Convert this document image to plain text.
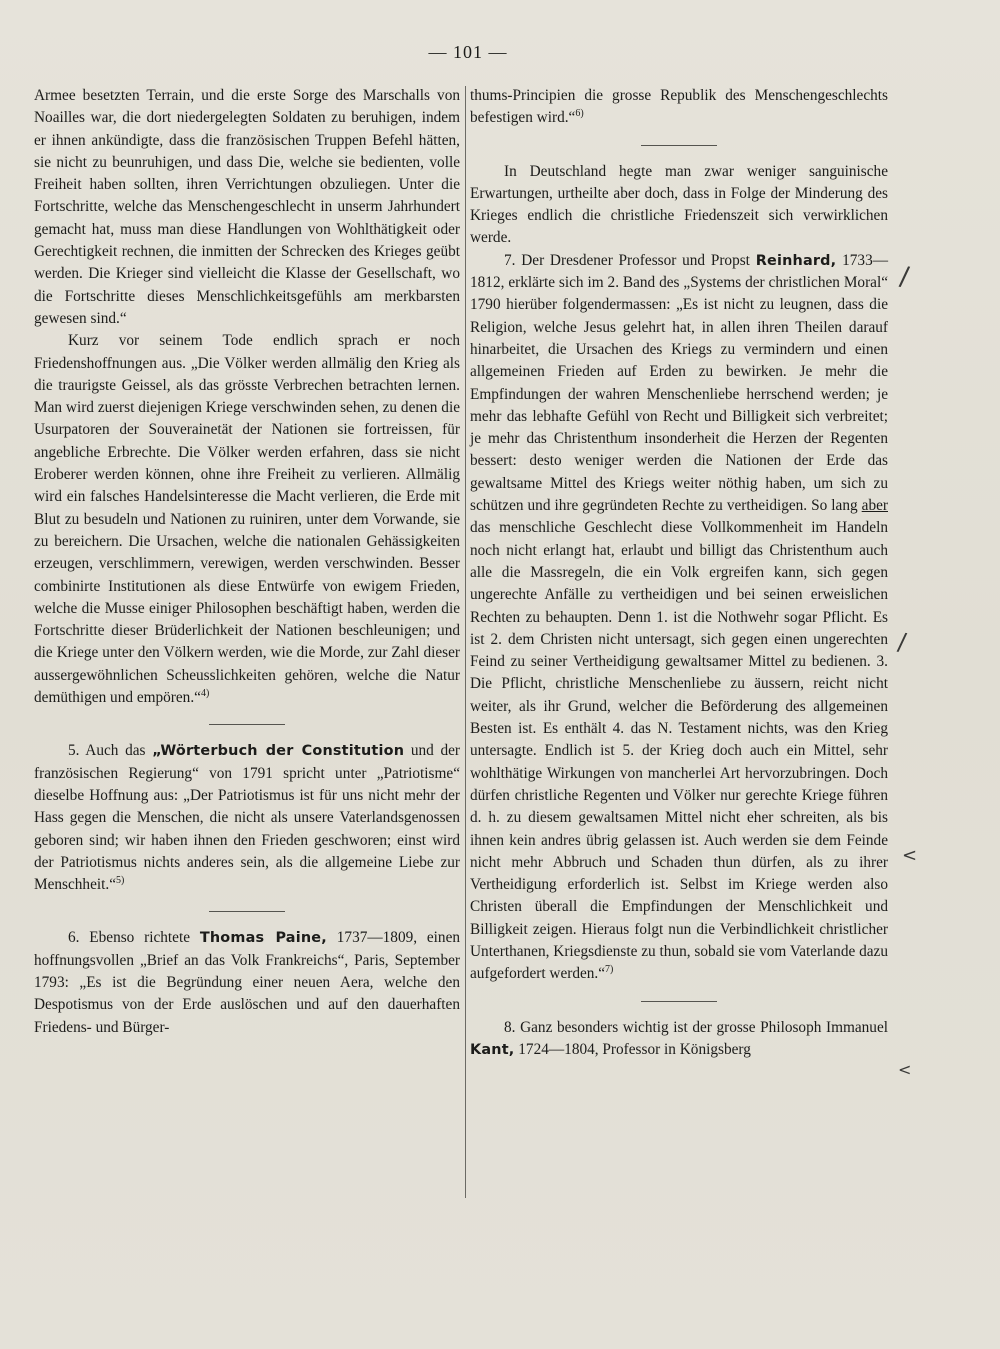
— 101 —

Armee besetzten Terrain, und die erste Sorge des Marschalls von Noailles war, die dort niedergelegten Soldaten zu beruhigen, indem er ihnen ankündigte, dass die französischen Truppen Befehl hätten, sie nicht zu beunruhigen, und dass Die, welche sie bedienten, volle Freiheit haben sollten, ihren Verrichtungen obzuliegen. Unter die Fortschritte, welche das Menschengeschlecht in unserm Jahrhundert gemacht hat, muss man diese Handlungen von Wohlthätigkeit oder Gerechtigkeit rechnen, die inmitten der Schrecken des Krieges geübt werden. Die Krieger sind vielleicht die Klasse der Gesellschaft, wo die Fortschritte dieses Menschlichkeitsgefühls am merkbarsten gewesen sind.“

Kurz vor seinem Tode endlich sprach er noch Friedenshoffnungen aus. „Die Völker werden allmälig den Krieg als die traurigste Geissel, als das grösste Verbrechen betrachten lernen. Man wird zuerst diejenigen Kriege verschwinden sehen, zu denen die Usurpatoren der Souverainetät der Nationen sie fortreissen, für angebliche Erbrechte. Die Völker werden erfahren, dass sie nicht Eroberer werden können, ohne ihre Freiheit zu verlieren. Allmälig wird ein falsches Handelsinteresse die Macht verlieren, die Erde mit Blut zu besudeln und Nationen zu ruiniren, unter dem Vorwande, sie zu bereichern. Die Ursachen, welche die nationalen Gehässigkeiten erzeugen, verschlimmern, verewigen, werden verschwinden. Besser combinirte Institutionen als diese Entwürfe von ewigem Frieden, welche die Musse einiger Philosophen beschäftigt haben, werden die Fortschritte dieser Brüderlichkeit der Nationen beschleunigen; und die Kriege unter den Völkern werden, wie die Morde, zur Zahl dieser aussergewöhnlichen Scheusslichkeiten gehören, welche die Natur demüthigen und empören.“$^{4)}$

5. Auch das „Wörterbuch der Constitution und der französischen Regierung“ von 1791 spricht unter „Patriotisme“ dieselbe Hoffnung aus: „Der Patriotismus ist für uns nicht mehr der Hass gegen die Menschen, die nicht als unsere Vaterlandsgenossen geboren sind; wir haben ihnen den Frieden geschworen; einst wird der Patriotismus nichts anderes sein, als die allgemeine Liebe zur Menschheit.“$^{5)}$

6. Ebenso richtete Thomas Paine, 1737—1809, einen hoffnungsvollen „Brief an das Volk Frankreichs“, Paris, September 1793: „Es ist die Begründung einer neuen Aera, welche den Despotismus von der Erde auslöschen und auf den dauerhaften Friedens- und Bürger-

thums-Principien die grosse Republik des Menschengeschlechts befestigen wird.“$^{6)}$

In Deutschland hegte man zwar weniger sanguinische Erwartungen, urtheilte aber doch, dass in Folge der Minderung des Krieges endlich die christliche Friedenszeit sich verwirklichen werde.

7. Der Dresdener Professor und Propst Reinhard, 1733—1812, erklärte sich im 2. Band des „Systems der christlichen Moral“ 1790 hierüber folgendermassen: „Es ist nicht zu leugnen, dass die Religion, welche Jesus gelehrt hat, in allen ihren Theilen darauf hinarbeitet, die Ursachen des Kriegs zu vermindern und einen allgemeinen Frieden auf Erden zu bewirken. Je mehr die Empfindungen der wahren Menschenliebe herrschend werden; je mehr das lebhafte Gefühl von Recht und Billigkeit sich verbreitet; je mehr das Christenthum insonderheit die Herzen der Regenten bessert: desto weniger werden die Nationen der Erde das gewaltsame Mittel des Kriegs weiter nöthig haben, um sich zu schützen und ihre gegründeten Rechte zu vertheidigen. So lang aber das menschliche Geschlecht diese Vollkommenheit im Handeln noch nicht erlangt hat, erlaubt und billigt das Christenthum auch alle die Massregeln, die ein Volk ergreifen kann, sich gegen ungerechte Anfälle zu vertheidigen und bei seinen erweislichen Rechten zu behaupten. Denn 1. ist die Nothwehr sogar Pflicht. Es ist 2. dem Christen nicht untersagt, sich gegen einen ungerechten Feind zu seiner Vertheidigung gewaltsamer Mittel zu bedienen. 3. Die Pflicht, christliche Menschenliebe zu äussern, reicht nicht weiter, als ihr Grund, welcher die Beförderung des allgemeinen Besten ist. Es enthält 4. das N. Testament nichts, was den Krieg untersagte. Endlich ist 5. der Krieg doch auch ein Mittel, sehr wohlthätige Wirkungen von mancherlei Art hervorzubringen. Doch dürfen christliche Regenten und Völker nur gerechte Kriege führen d. h. zu diesem gewaltsamen Mittel nicht eher schreiten, als bis ihnen kein andres übrig gelassen ist. Auch werden sie dem Feinde nicht mehr Abbruch und Schaden thun dürfen, als zu ihrer Vertheidigung erforderlich ist. Selbst im Kriege werden also Christen überall die Empfindungen der Menschlichkeit und Billigkeit zeigen. Hieraus folgt nun die Verbindlichkeit christlicher Unterthanen, Kriegsdienste zu thun, sobald sie vom Vaterlande dazu aufgefordert werden.“$^{7)}$

8. Ganz besonders wichtig ist der grosse Philosoph Immanuel Kant, 1724—1804, Professor in Königsberg

/
/
<
<
